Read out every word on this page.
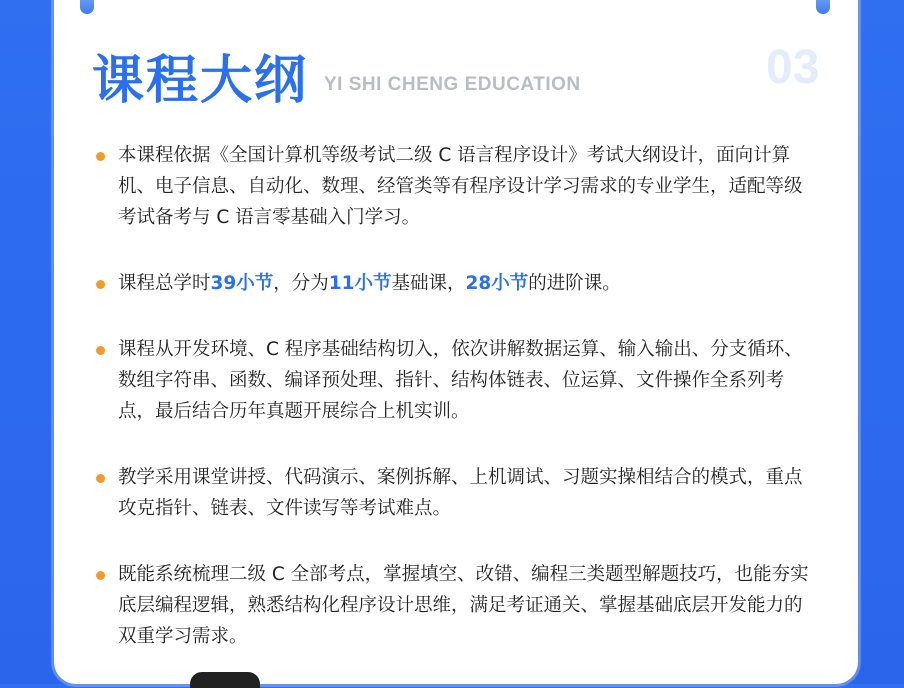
课程大纲 YI SHI CHENG EDUCATION	03
本课程依据《全国计算机等级考试二级 C 语言程序设计》考试大纲设计，面向计算机、电子信息、自动化、数理、经管类等有程序设计学习需求的专业学生，适配等级考试备考与 C 语言零基础入门学习。
课程总学时39小节，分为11小节基础课，28小节的进阶课。
课程从开发环境、C 程序基础结构切入，依次讲解数据运算、输入输出、分支循环、数组字符串、函数、编译预处理、指针、结构体链表、位运算、文件操作全系列考点，最后结合历年真题开展综合上机实训。
教学采用课堂讲授、代码演示、案例拆解、上机调试、习题实操相结合的模式，重点攻克指针、链表、文件读写等考试难点。
既能系统梳理二级 C 全部考点，掌握填空、改错、编程三类题型解题技巧，也能夯实底层编程逻辑，熟悉结构化程序设计思维，满足考证通关、掌握基础底层开发能力的双重学习需求。
